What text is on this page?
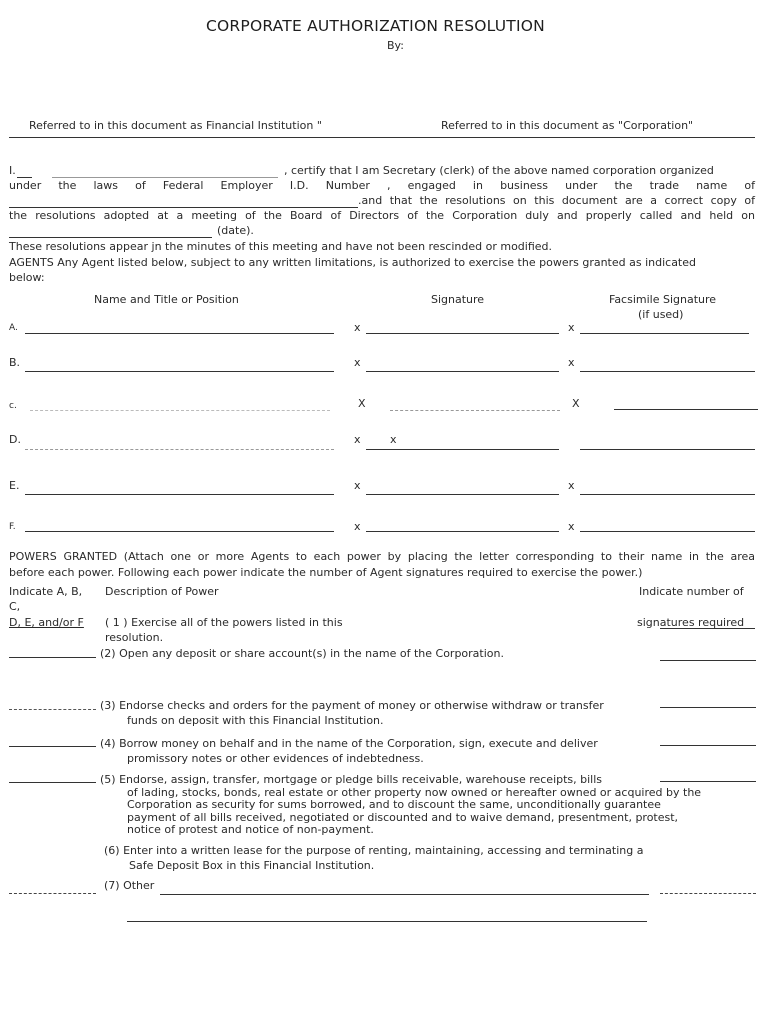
CORPORATE AUTHORIZATION RESOLUTION
By:
Referred to in this document as Financial Institution "	Referred to in this document as "Corporation"
I.	, certify that I am Secretary (clerk) of the above named corporation organized
under the laws of Federal Employer I.D. Number , engaged in business under the trade name of
.and that the resolutions on this document are a correct copy of
the resolutions adopted at a meeting of the Board of Directors of the Corporation duly and properly called and held on
(date).
These resolutions appear jn the minutes of this meeting and have not been rescinded or modified.
AGENTS Any Agent listed below, subject to any written limitations, is authorized to exercise the powers granted as indicated
below:
Name and Title or Position	Signature	Facsimile Signature
(if used)
A.	x	x
B.	x	x
c.	X	X
D.	x	x
E.	x	x
F.	x	x
POWERS GRANTED (Attach one or more Agents to each power by placing the letter corresponding to their name in the area
before each power. Following each power indicate the number of Agent signatures required to exercise the power.)
Indicate A, B, Description of Power	Indicate number of
C,
D, E, and/or F	signatures required
( 1 ) Exercise all of the powers listed in this
resolution.
(2) Open any deposit or share account(s) in the name of the Corporation.
(3) Endorse checks and orders for the payment of money or otherwise withdraw or transfer
funds on deposit with this Financial Institution.
(4) Borrow money on behalf and in the name of the Corporation, sign, execute and deliver
promissory notes or other evidences of indebtedness.
(5) Endorse, assign, transfer, mortgage or pledge bills receivable, warehouse receipts, bills
of lading, stocks, bonds, real estate or other property now owned or hereafter owned or acquired by the
Corporation as security for sums borrowed, and to discount the same, unconditionally guarantee
payment of all bills received, negotiated or discounted and to waive demand, presentment, protest,
notice of protest and notice of non-payment.
(6) Enter into a written lease for the purpose of renting, maintaining, accessing and terminating a
Safe Deposit Box in this Financial Institution.
(7) Other
